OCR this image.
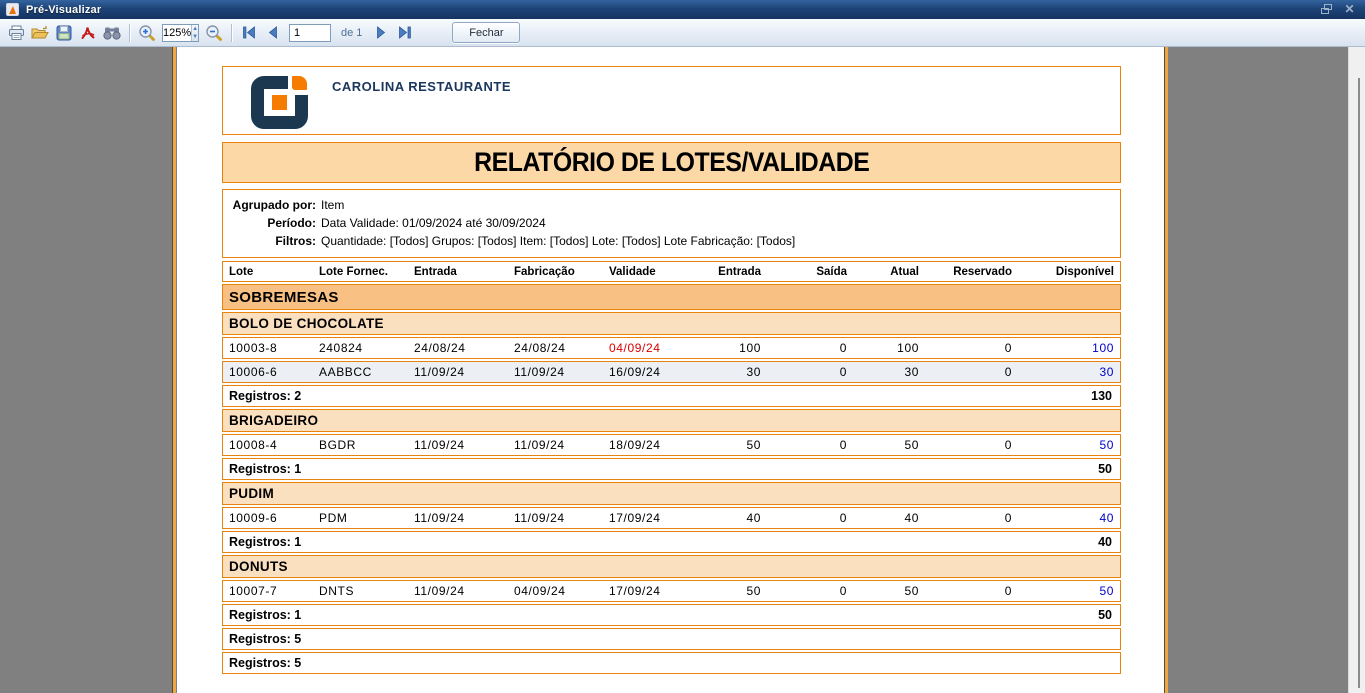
Pré-Visualizar	✕
125% ▲
▼
1	de 1	Fechar
CAROLINA RESTAURANTE
RELATÓRIO DE LOTES/VALIDADE
Agrupado por: Item
Período: Data Validade: 01/09/2024 até 30/09/2024
Filtros: Quantidade: [Todos] Grupos: [Todos] Item: [Todos] Lote: [Todos] Lote Fabricação: [Todos]
Lote	Lote Fornec.	Entrada	Fabricação	Validade	Entrada	Saída	Atual	Reservado	Disponível
SOBREMESAS
BOLO DE CHOCOLATE
10003-8	240824	24/08/24	24/08/24	04/09/24	100	0	100	0	100
10006-6	AABBCC	11/09/24	11/09/24	16/09/24	30	0	30	0	30
Registros: 2	130
BRIGADEIRO
10008-4	BGDR	11/09/24	11/09/24	18/09/24	50	0	50	0	50
Registros: 1	50
PUDIM
10009-6	PDM	11/09/24	11/09/24	17/09/24	40	0	40	0	40
Registros: 1	40
DONUTS
10007-7	DNTS	11/09/24	04/09/24	17/09/24	50	0	50	0	50
Registros: 1	50
Registros: 5
Registros: 5
